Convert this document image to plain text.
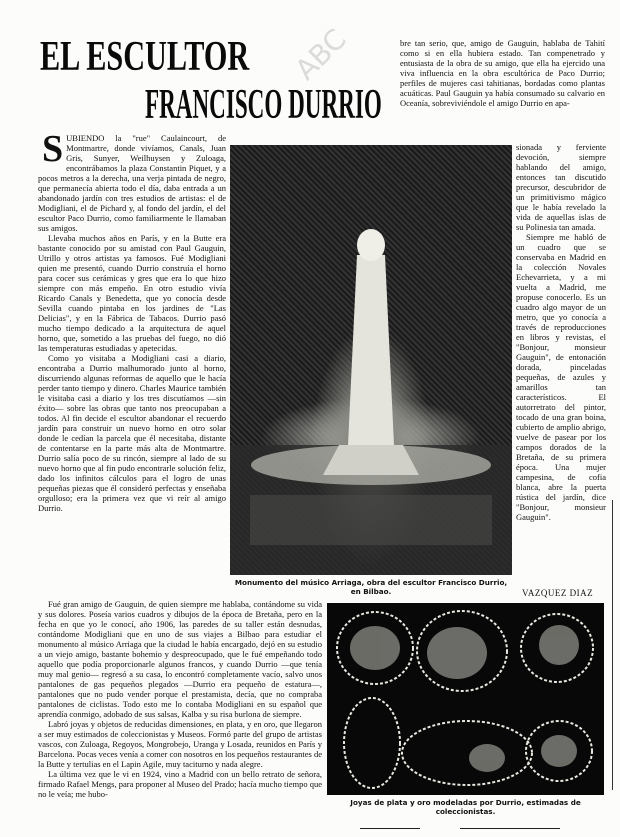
ABC
EL ESCULTOR
FRANCISCO DURRIO

SUBIENDO la "rue" Caulaincourt, de Montmartre, donde vivíamos, Canals, Juan Gris, Sunyer, Weilhuysen y Zuloaga, encontrábamos la plaza Constantin Piquet, y a pocos metros a la derecha, una verja pintada de negro, que permanecía abierta todo el día, daba entrada a un abandonado jardín con tres estudios de artistas: el de Modigliani, el de Pichard y, al fondo del jardín, el del escultor Paco Durrio, como familiarmente le llamaban sus amigos.

Llevaba muchos años en París, y en la Butte era bastante conocido por su amistad con Paul Gauguin, Utrillo y otros artistas ya famosos. Fué Modigliani quien me presentó, cuando Durrio construía el horno para cocer sus cerámicas y gres que era lo que hizo siempre con más empeño. En otro estudio vivía Ricardo Canals y Benedetta, que yo conocía desde Sevilla cuando pintaba en los jardines de "Las Delicias", y en la Fábrica de Tabacos. Durrio pasó mucho tiempo dedicado a la arquitectura de aquel horno, que, sometido a las pruebas del fuego, no dió las temperaturas estudiadas y apetecidas.

Como yo visitaba a Modigliani casi a diario, encontraba a Durrio malhumorado junto al horno, discurriendo algunas reformas de aquello que le hacía perder tanto tiempo y dinero. Charles Maurice también le visitaba casi a diario y los tres discutíamos —sin éxito— sobre las obras que tanto nos preocupaban a todos. Al fin decide el escultor abandonar el recuerdo jardín para construir un nuevo horno en otro solar donde le cedían la parcela que él necesitaba, distante de contentarse en la parte más alta de Montmartre. Durrio salía poco de su rincón, siempre al lado de su nuevo horno que al fin pudo encontrarle solución feliz, dado los infinitos cálculos para el logro de unas pequeñas piezas que él consideró perfectas y enseñaba orgulloso; era la primera vez que vi reír al amigo Durrio.

Monumento del músico Arriaga, obra del escultor Francisco Durrio, en Bilbao.

bre tan serio, que, amigo de Gauguin, hablaba de Tahití como si en ella hubiera estado. Tan compenetrado y entusiasta de la obra de su amigo, que ella ha ejercido una viva influencia en la obra escultórica de Paco Durrio; perfiles de mujeres casi tahitianas, bordadas como plantas acuáticas. Paul Gauguin ya había consumado su calvario en Oceanía, sobreviviéndole el amigo Durrio en apa-

sionada y ferviente devoción, siempre hablando del amigo, entonces tan discutido precursor, descubridor de un primitivismo mágico que le había revelado la vida de aquellas islas de su Polinesia tan amada.

Siempre me habló de un cuadro que se conservaba en Madrid en la colección Novales Echevarrieta, y a mi vuelta a Madrid, me propuse conocerlo. Es un cuadro algo mayor de un metro, que yo conocía a través de reproducciones en libros y revistas, el "Bonjour, monsieur Gauguin", de entonación dorada, pinceladas pequeñas, de azules y amarillos tan característicos. El autorretrato del pintor, tocado de una gran boina, cubierto de amplio abrigo, vuelve de pasear por los campos dorados de la Bretaña, de su primera época. Una mujer campesina, de cofia blanca, abre la puerta rústica del jardín, dice "Bonjour, monsieur Gauguin".

VAZQUEZ DIAZ

Fué gran amigo de Gauguin, de quien siempre me hablaba, contándome su vida y sus dolores. Poseía varios cuadros y dibujos de la época de Bretaña, pero en la fecha en que yo le conocí, año 1906, las paredes de su taller están desnudas, contándome Modigliani que en uno de sus viajes a Bilbao para estudiar el monumento al músico Arriaga que la ciudad le había encargado, dejó en su estudio a un viejo amigo, bastante bohemio y despreocupado, que le fué empeñando todo aquello que podía proporcionarle algunos francos, y cuando Durrio —que tenía muy mal genio— regresó a su casa, lo encontró completamente vacío, salvo unos pantalones de gas pequeños plegados —Durrio era pequeño de estatura—, pantalones que no pudo vender porque el prestamista, decía, que no compraba pantalones de ciclistas. Todo esto me lo contaba Modigliani en su español que aprendía conmigo, adobado de sus salsas, Kalba y su risa burlona de siempre.

Labró joyas y objetos de reducidas dimensiones, en plata, y en oro, que llegaron a ser muy estimados de coleccionistas y Museos. Formó parte del grupo de artistas vascos, con Zuloaga, Regoyos, Mongrobejo, Uranga y Losada, reunidos en París y Barcelona. Pocas veces venía a comer con nosotros en los pequeños restaurantes de la Butte y tertulias en el Lapin Agile, muy taciturno y nada alegre.

La última vez que le vi en 1924, vino a Madrid con un bello retrato de señora, firmado Rafael Mengs, para proponer al Museo del Prado; hacía mucho tiempo que no le veía; me hubo-

Joyas de plata y oro modeladas por Durrio, estimadas de coleccionistas.
